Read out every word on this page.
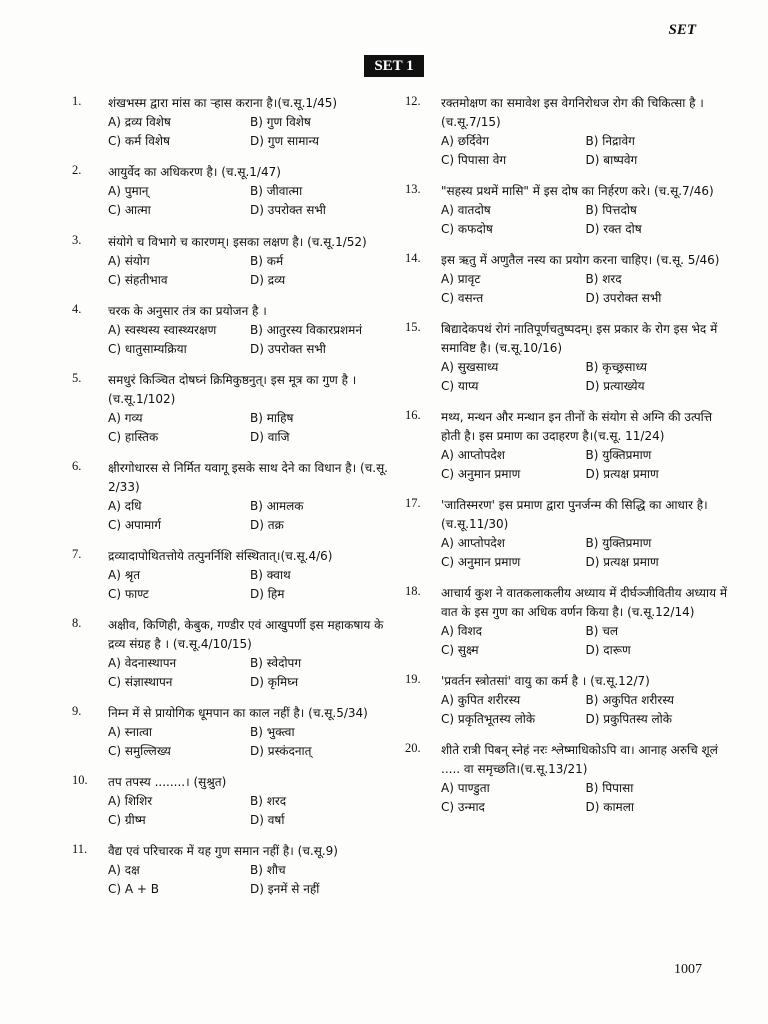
SET
SET 1
1. शंखभस्म द्वारा मांस का ऱ्हास कराना है।(च.सू.1/45)
A) द्रव्य विशेष	B) गुण विशेष
C) कर्म विशेष	D) गुण सामान्य
2. आयुर्वेद का अधिकरण है। (च.सू.1/47)
A) पुमान्	B) जीवात्मा
C) आत्मा	D) उपरोक्त सभी
3. संयोगे च विभागे च कारणम्। इसका लक्षण है। (च.सू.1/52)
A) संयोग	B) कर्म
C) संहतीभाव	D) द्रव्य
4. चरक के अनुसार तंत्र का प्रयोजन है ।
A) स्वस्थस्य स्वास्थ्यरक्षण	B) आतुरस्य विकारप्रशमनं
C) धातुसाम्यक्रिया	D) उपरोक्त सभी
5. समधुरं किञ्चित दोषघ्नं क्रिमिकुष्ठनुत्। इस मूत्र का गुण है । (च.सू.1/102)
A) गव्य	B) माहिष
C) हास्तिक	D) वाजि
6. क्षीरगोधारस से निर्मित यवागू इसके साथ देने का विधान है। (च.सू. 2/33)
A) दधि	B) आमलक
C) अपामार्ग	D) तक्र
7. द्रव्यादापोथितत्तोये तत्पुनर्निशि संस्थितात्।(च.सू.4/6)
A) श्रृत	B) क्वाथ
C) फाण्ट	D) हिम
8. अक्षीव, किणिही, केबुक, गण्डीर एवं आखुपर्णी इस महाकषाय के द्रव्य संग्रह है । (च.सू.4/10/15)
A) वेदनास्थापन	B) स्वेदोपग
C) संज्ञास्थापन	D) कृमिघ्न
9. निम्न में से प्रायोगिक धूमपान का काल नहीं है। (च.सू.5/34)
A) स्नात्वा	B) भुक्त्वा
C) समुल्लिख्य	D) प्रस्कंदनात्
10. तप तपस्य ........। (सुश्रुत)
A) शिशिर	B) शरद
C) ग्रीष्म	D) वर्षा
11. वैद्य एवं परिचारक में यह गुण समान नहीं है। (च.सू.9)
A) दक्ष	B) शौच
C) A + B	D) इनमें से नहीं
12. रक्तमोक्षण का समावेश इस वेगनिरोधज रोग की चिकित्सा है । (च.सू.7/15)
A) छर्दिवेग	B) निद्रावेग
C) पिपासा वेग	D) बाष्पवेग
13. "सहस्य प्रथमें मासि" में इस दोष का निर्हरण करे। (च.सू.7/46)
A) वातदोष	B) पित्तदोष
C) कफदोष	D) रक्त दोष
14. इस ऋतु में अणुतैल नस्य का प्रयोग करना चाहिए। (च.सू. 5/46)
A) प्रावृट	B) शरद
C) वसन्त	D) उपरोक्त सभी
15. बिद्यादेकपथं रोगं नातिपूर्णचतुष्पदम्। इस प्रकार के रोग इस भेद में समाविष्ट है। (च.सू.10/16)
A) सुखसाध्य	B) कृच्छ्रसाध्य
C) याप्य	D) प्रत्याख्येय
16. मथ्य, मन्थन और मन्थान इन तीनों के संयोग से अग्नि की उत्पत्ति होती है। इस प्रमाण का उदाहरण है।(च.सू. 11/24)
A) आप्तोपदेश	B) युक्तिप्रमाण
C) अनुमान प्रमाण	D) प्रत्यक्ष प्रमाण
17. 'जातिस्मरण' इस प्रमाण द्वारा पुनर्जन्म की सिद्धि का आधार है। (च.सू.11/30)
A) आप्तोपदेश	B) युक्तिप्रमाण
C) अनुमान प्रमाण	D) प्रत्यक्ष प्रमाण
18. आचार्य कुश ने वातकलाकलीय अध्याय में दीर्घञ्जीवितीय अध्याय में वात के इस गुण का अधिक वर्णन किया है। (च.सू.12/14)
A) विशद	B) चल
C) सुक्ष्म	D) दारूण
19. 'प्रवर्तन स्त्रोतसां' वायु का कर्म है । (च.सू.12/7)
A) कुपित शरीरस्य	B) अकुपित शरीरस्य
C) प्रकृतिभूतस्य लोके	D) प्रकुपितस्य लोके
20. शीते रात्री पिबन् स्नेहं नरः श्लेष्माधिकोऽपि वा। आनाह अरुचि शूलं ..... वा समृच्छति।(च.सू.13/21)
A) पाण्डुता	B) पिपासा
C) उन्माद	D) कामला
1007
